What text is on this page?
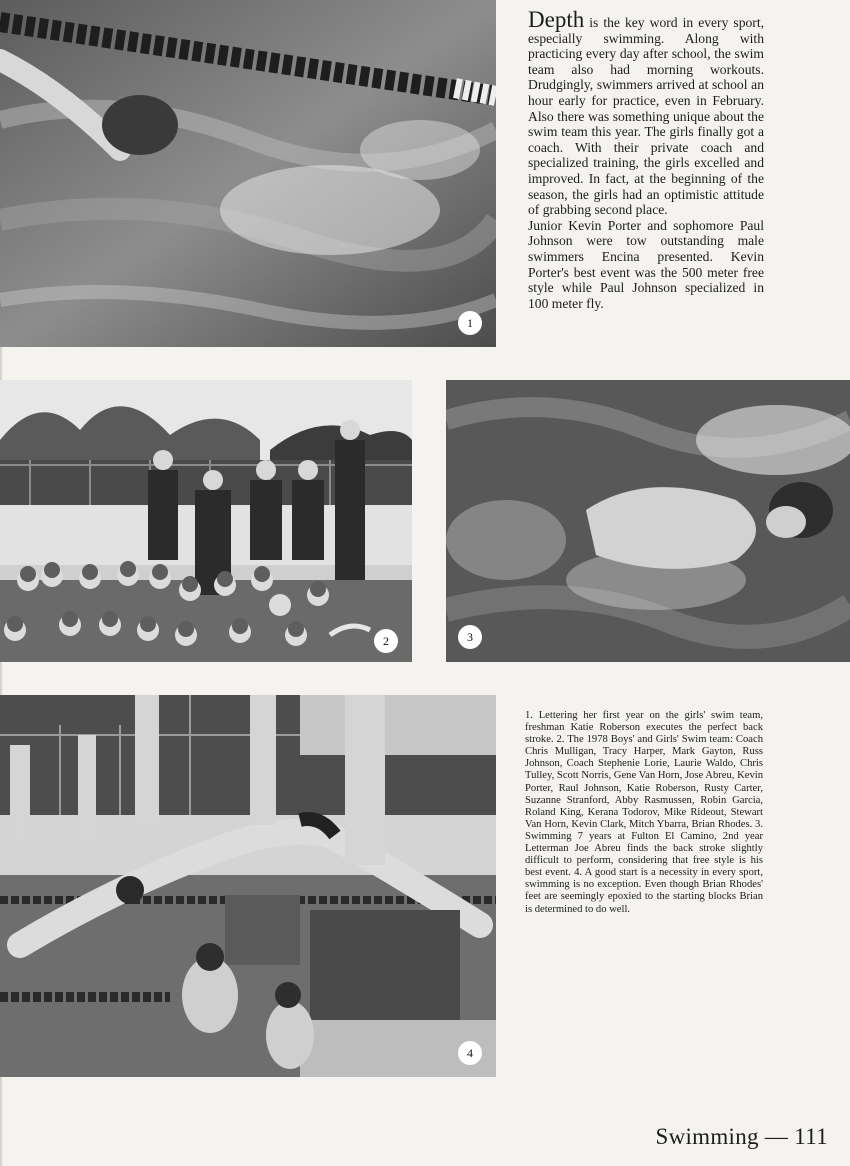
1

Depth is the key word in every sport, especially swimming. Along with practicing every day after school, the swim team also had morning workouts. Drudgingly, swimmers arrived at school an hour early for practice, even in February. Also there was something unique about the swim team this year. The girls finally got a coach. With their private coach and specialized training, the girls excelled and improved. In fact, at the beginning of the season, the girls had an optimistic attitude of grabbing second place.

Junior Kevin Porter and sophomore Paul Johnson were tow outstanding male swimmers Encina presented. Kevin Porter's best event was the 500 meter free style while Paul Johnson specialized in 100 meter fly.

2	3
1. Lettering her first year on the girls' swim team, freshman Katie Roberson executes the perfect back stroke. 2. The 1978 Boys' and Girls' Swim team: Coach Chris Mulligan, Tracy Harper, Mark Gayton, Russ Johnson, Coach Stephenie Lorie, Laurie Waldo, Chris Tulley, Scott Norris, Gene Van Horn, Jose Abreu, Kevin Porter, Raul Johnson, Katie Roberson, Rusty Carter, Suzanne Stranford, Abby Rasmussen, Robin Garcia, Roland King, Kerana Todorov, Mike Rideout, Stewart Van Horn, Kevin Clark, Mitch Ybarra, Brian Rhodes. 3. Swimming 7 years at Fulton El Camino, 2nd year Letterman Joe Abreu finds the back stroke slightly difficult to perform, considering that free style is his best event. 4. A good start is a necessity in every sport, swimming is no exception. Even though Brian Rhodes' feet are seemingly epoxied to the starting blocks Brian is determined to do well.
4
Swimming — 111
